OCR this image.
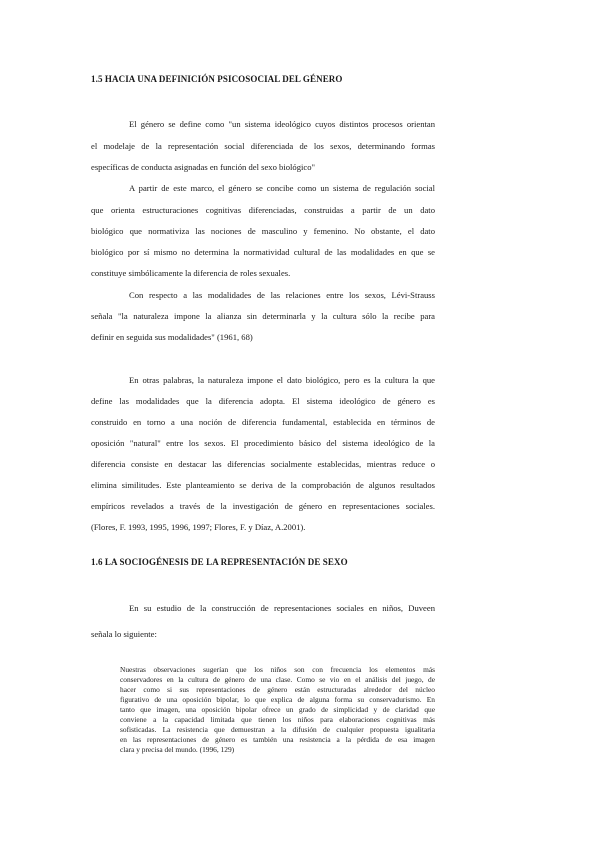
1.5 HACIA UNA DEFINICIÓN PSICOSOCIAL DEL GÉNERO

El género se define como "un sistema ideológico cuyos distintos procesos orientan

el modelaje de la representación social diferenciada de los sexos, determinando formas

específicas de conducta asignadas en función del sexo biológico"

A partir de este marco, el género se concibe como un sistema de regulación social

que orienta estructuraciones cognitivas diferenciadas, construidas a partir de un dato

biológico que normativiza las nociones de masculino y femenino. No obstante, el dato

biológico por sí mismo no determina la normatividad cultural de las modalidades en que se

constituye simbólicamente la diferencia de roles sexuales.

Con respecto a las modalidades de las relaciones entre los sexos, Lévi-Strauss

señala "la naturaleza impone la alianza sin determinarla y la cultura sólo la recibe para

definir en seguida sus modalidades" (1961, 68)

En otras palabras, la naturaleza impone el dato biológico, pero es la cultura la que

define las modalidades que la diferencia adopta. El sistema ideológico de género es

construido en torno a una noción de diferencia fundamental, establecida en términos de

oposición "natural" entre los sexos. El procedimiento básico del sistema ideológico de la

diferencia consiste en destacar las diferencias socialmente establecidas, mientras reduce o

elimina similitudes. Este planteamiento se deriva de la comprobación de algunos resultados

empíricos revelados a través de la investigación de género en representaciones sociales.

(Flores, F. 1993, 1995, 1996, 1997; Flores, F. y Díaz, A.2001).

1.6 LA SOCIOGÉNESIS DE LA REPRESENTACIÓN DE SEXO

En su estudio de la construcción de representaciones sociales en niños, Duveen

señala lo siguiente:

Nuestras observaciones sugerían que los niños son con frecuencia los elementos más

conservadores en la cultura de género de una clase. Como se vio en el análisis del juego, de

hacer como si sus representaciones de género están estructuradas alrededor del núcleo

figurativo de una oposición bipolar, lo que explica de alguna forma su conservadurismo. En

tanto que imagen, una oposición bipolar ofrece un grado de simplicidad y de claridad que

conviene a la capacidad limitada que tienen los niños para elaboraciones cognitivas más

sofisticadas. La resistencia que demuestran a la difusión de cualquier propuesta igualitaria

en las representaciones de género es también una resistencia a la pérdida de esa imagen

clara y precisa del mundo. (1996, 129)
